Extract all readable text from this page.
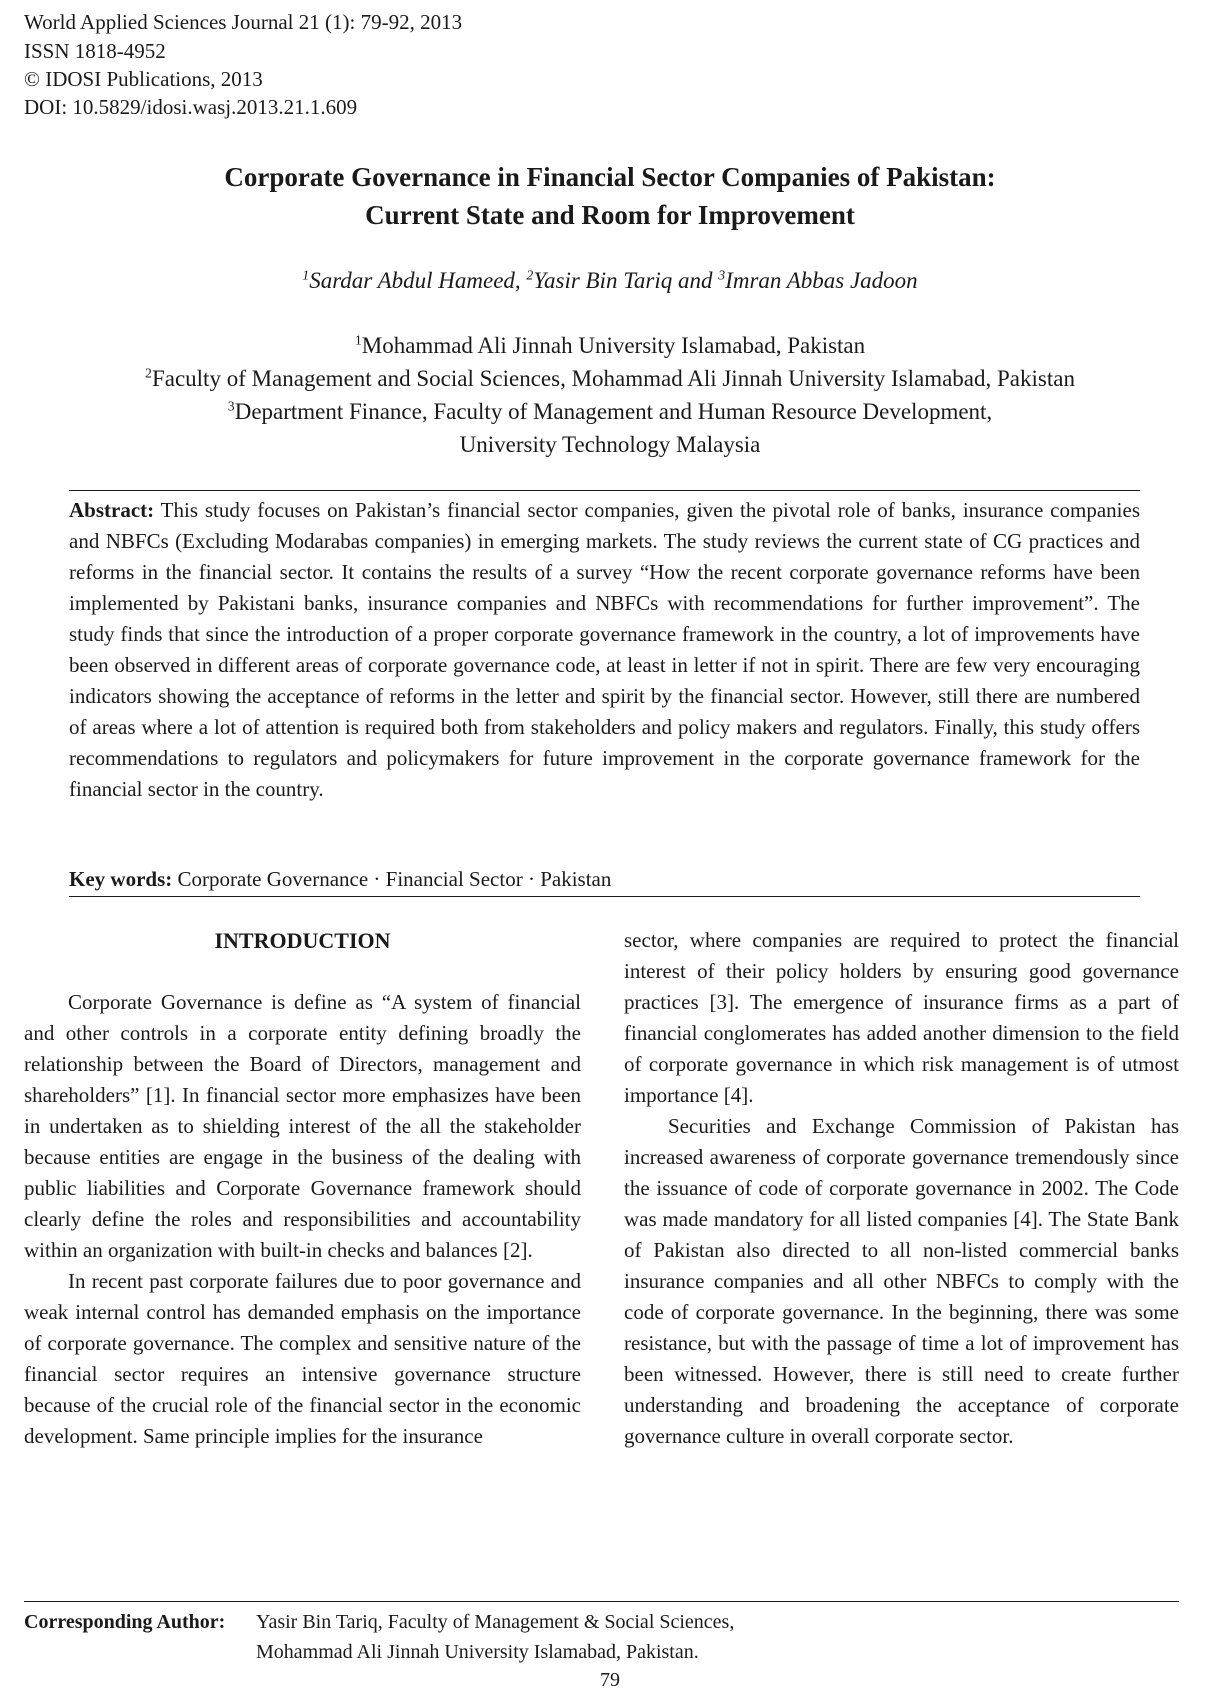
World Applied Sciences Journal 21 (1): 79-92, 2013
ISSN 1818-4952
© IDOSI Publications, 2013
DOI: 10.5829/idosi.wasj.2013.21.1.609
Corporate Governance in Financial Sector Companies of Pakistan:
Current State and Room for Improvement
$^1$Sardar Abdul Hameed, $^2$Yasir Bin Tariq and $^3$Imran Abbas Jadoon
$^1$Mohammad Ali Jinnah University Islamabad, Pakistan
$^2$Faculty of Management and Social Sciences, Mohammad Ali Jinnah University Islamabad, Pakistan
$^3$Department Finance, Faculty of Management and Human Resource Development,
University Technology Malaysia
Abstract: This study focuses on Pakistan’s financial sector companies, given the pivotal role of banks, insurance companies and NBFCs (Excluding Modarabas companies) in emerging markets. The study reviews the current state of CG practices and reforms in the financial sector. It contains the results of a survey “How the recent corporate governance reforms have been implemented by Pakistani banks, insurance companies and NBFCs with recommendations for further improvement”. The study finds that since the introduction of a proper corporate governance framework in the country, a lot of improvements have been observed in different areas of corporate governance code, at least in letter if not in spirit. There are few very encouraging indicators showing the acceptance of reforms in the letter and spirit by the financial sector. However, still there are numbered of areas where a lot of attention is required both from stakeholders and policy makers and regulators. Finally, this study offers recommendations to regulators and policymakers for future improvement in the corporate governance framework for the financial sector in the country.
Key words: Corporate Governance · Financial Sector · Pakistan
INTRODUCTION

Corporate Governance is define as “A system of financial and other controls in a corporate entity defining broadly the relationship between the Board of Directors, management and shareholders” [1]. In financial sector more emphasizes have been in undertaken as to shielding interest of the all the stakeholder because entities are engage in the business of the dealing with public liabilities and Corporate Governance framework should clearly define the roles and responsibilities and accountability within an organization with built-in checks and balances [2].

In recent past corporate failures due to poor governance and weak internal control has demanded emphasis on the importance of corporate governance. The complex and sensitive nature of the financial sector requires an intensive governance structure because of the crucial role of the financial sector in the economic development. Same principle implies for the insurance

sector, where companies are required to protect the financial interest of their policy holders by ensuring good governance practices [3]. The emergence of insurance firms as a part of financial conglomerates has added another dimension to the field of corporate governance in which risk management is of utmost importance [4].

Securities and Exchange Commission of Pakistan has increased awareness of corporate governance tremendously since the issuance of code of corporate governance in 2002. The Code was made mandatory for all listed companies [4]. The State Bank of Pakistan also directed to all non-listed commercial banks insurance companies and all other NBFCs to comply with the code of corporate governance. In the beginning, there was some resistance, but with the passage of time a lot of improvement has been witnessed. However, there is still need to create further understanding and broadening the acceptance of corporate governance culture in overall corporate sector.

Corresponding Author: Yasir Bin Tariq, Faculty of Management & Social Sciences,
Mohammad Ali Jinnah University Islamabad, Pakistan.
79
